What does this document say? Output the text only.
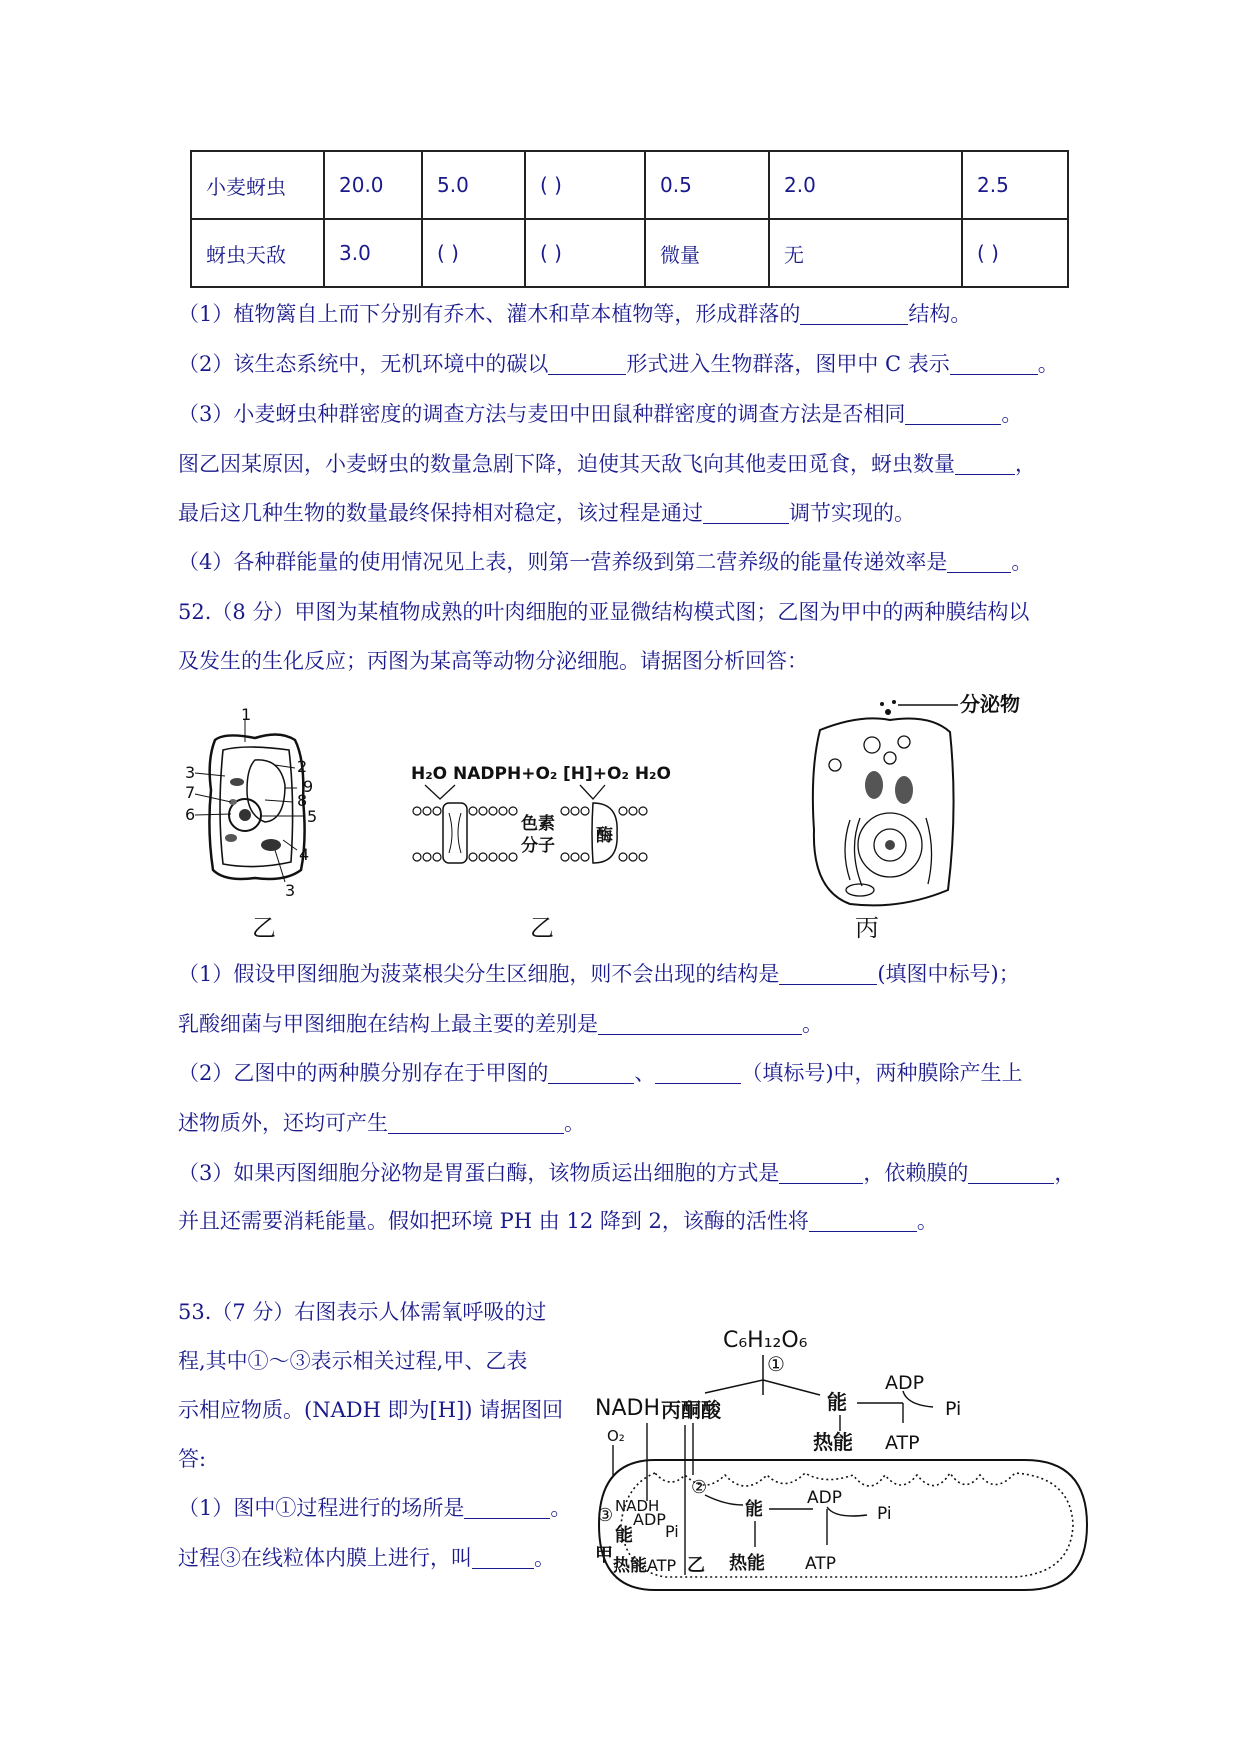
小麦蚜虫	20.0	5.0	( )	0.5	2.0	2.5
蚜虫天敌	3.0	( )	( )	微量	无	( )
（1）植物篱自上而下分别有乔木、灌木和草本植物等，形成群落的	结构。
（2）该生态系统中，无机环境中的碳以	形式进入生物群落，图甲中 C 表示	。
（3）小麦蚜虫种群密度的调查方法与麦田中田鼠种群密度的调查方法是否相同	。
图乙因某原因，小麦蚜虫的数量急剧下降，迫使其天敌飞向其他麦田觅食，蚜虫数量	，
最后这几种生物的数量最终保持相对稳定，该过程是通过	调节实现的。
（4）各种群能量的使用情况见上表，则第一营养级到第二营养级的能量传递效率是	。
52.（8 分）甲图为某植物成熟的叶肉细胞的亚显微结构模式图；乙图为甲中的两种膜结构以
及发生的生化反应；丙图为某高等动物分泌细胞。请据图分析回答：
1
2
9
3
8
7
6	5
4
3
乙
H₂O NADPH+O₂ [H]+O₂ H₂O
色素
分子 酶
乙
分泌物
丙
（1）假设甲图细胞为菠菜根尖分生区细胞，则不会出现的结构是	(填图中标号)；
乳酸细菌与甲图细胞在结构上最主要的差别是	。
（2）乙图中的两种膜分别存在于甲图的	、	（填标号)中，两种膜除产生上
述物质外，还均可产生	。
（3）如果丙图细胞分泌物是胃蛋白酶，该物质运出细胞的方式是	，依赖膜的	，
并且还需要消耗能量。假如把环境 PH 由 12 降到 2，该酶的活性将	。
53.（7 分）右图表示人体需氧呼吸的过
程,其中①～③表示相关过程,甲、乙表
示相应物质。(NADH 即为[H]) 请据图回
答:
（1）图中①过程进行的场所是	。
过程③在线粒体内膜上进行，叫	。
C₆H₁₂O₆
①
NADH 丙酮酸	能
ADP
Pi
热能 ATP
O₂
③
②
NADH
能
ADP
Pi
甲 热能 ATP 乙
能
ADP
Pi
热能 ATP
